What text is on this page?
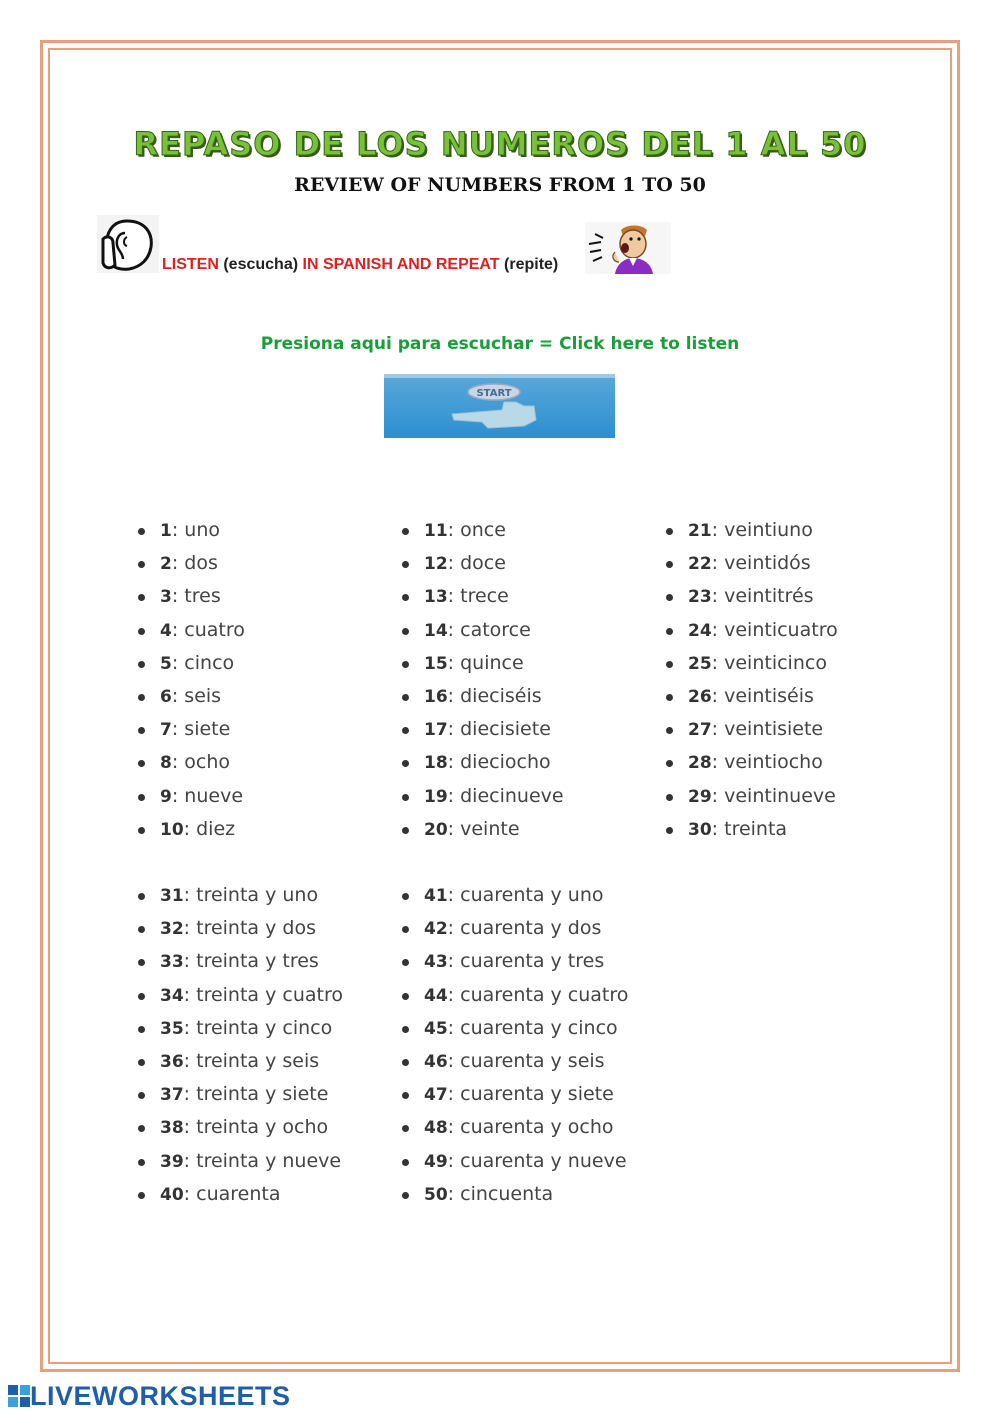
REPASO DE LOS NUMEROS DEL 1 AL 50
REVIEW OF NUMBERS FROM 1 TO 50
LISTEN (escucha) IN SPANISH AND REPEAT (repite)
Presiona aqui para escuchar = Click here to listen
START
1: uno
2: dos
3: tres
4: cuatro
5: cinco
6: seis
7: siete
8: ocho
9: nueve
10: diez
11: once
12: doce
13: trece
14: catorce
15: quince
16: dieciséis
17: diecisiete
18: dieciocho
19: diecinueve
20: veinte
21: veintiuno
22: veintidós
23: veintitrés
24: veinticuatro
25: veinticinco
26: veintiséis
27: veintisiete
28: veintiocho
29: veintinueve
30: treinta
31: treinta y uno
32: treinta y dos
33: treinta y tres
34: treinta y cuatro
35: treinta y cinco
36: treinta y seis
37: treinta y siete
38: treinta y ocho
39: treinta y nueve
40: cuarenta
41: cuarenta y uno
42: cuarenta y dos
43: cuarenta y tres
44: cuarenta y cuatro
45: cuarenta y cinco
46: cuarenta y seis
47: cuarenta y siete
48: cuarenta y ocho
49: cuarenta y nueve
50: cincuenta
LIVEWORKSHEETS
